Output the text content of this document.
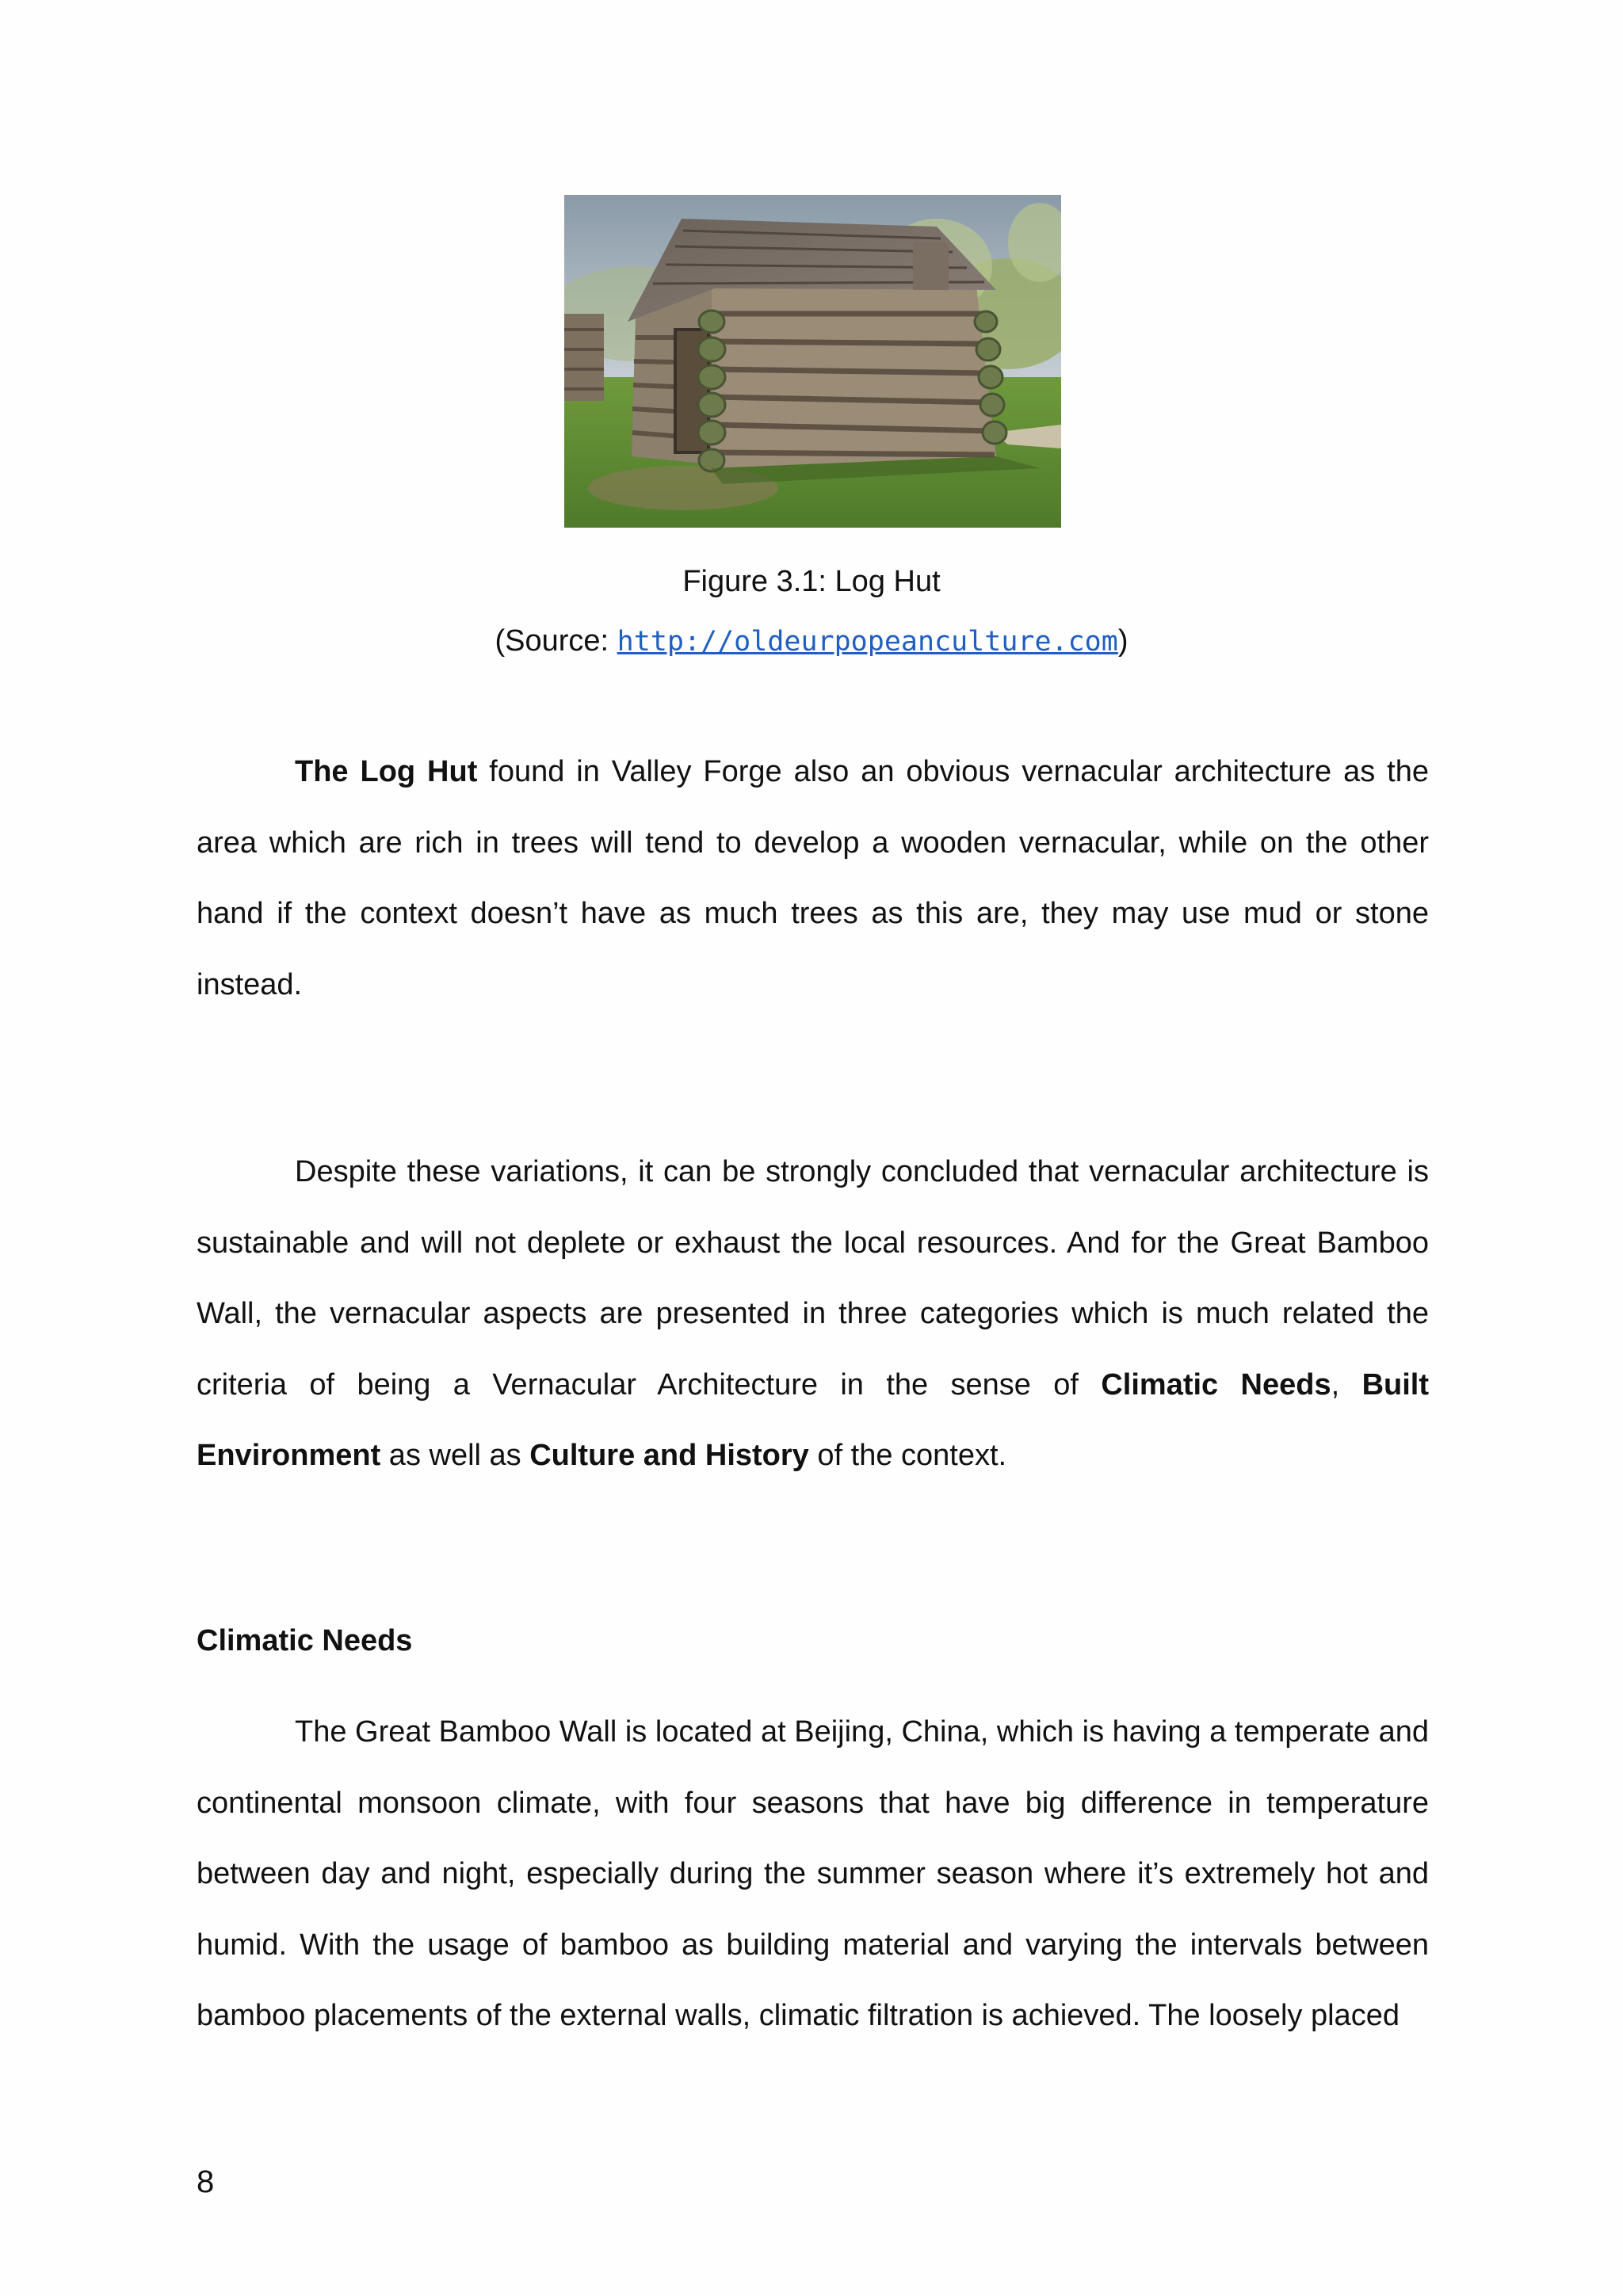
Figure 3.1: Log Hut
(Source: http://oldeurpopeanculture.com)

The Log Hut found in Valley Forge also an obvious vernacular architecture as the area which are rich in trees will tend to develop a wooden vernacular, while on the other hand if the context doesn’t have as much trees as this are, they may use mud or stone instead.

Despite these variations, it can be strongly concluded that vernacular architecture is sustainable and will not deplete or exhaust the local resources. And for the Great Bamboo Wall, the vernacular aspects are presented in three categories which is much related the criteria of being a Vernacular Architecture in the sense of Climatic Needs, Built Environment as well as Culture and History of the context.

Climatic Needs

The Great Bamboo Wall is located at Beijing, China, which is having a temperate and continental monsoon climate, with four seasons that have big difference in temperature between day and night, especially during the summer season where it’s extremely hot and humid. With the usage of bamboo as building material and varying the intervals between bamboo placements of the external walls, climatic filtration is achieved. The loosely placed

8
